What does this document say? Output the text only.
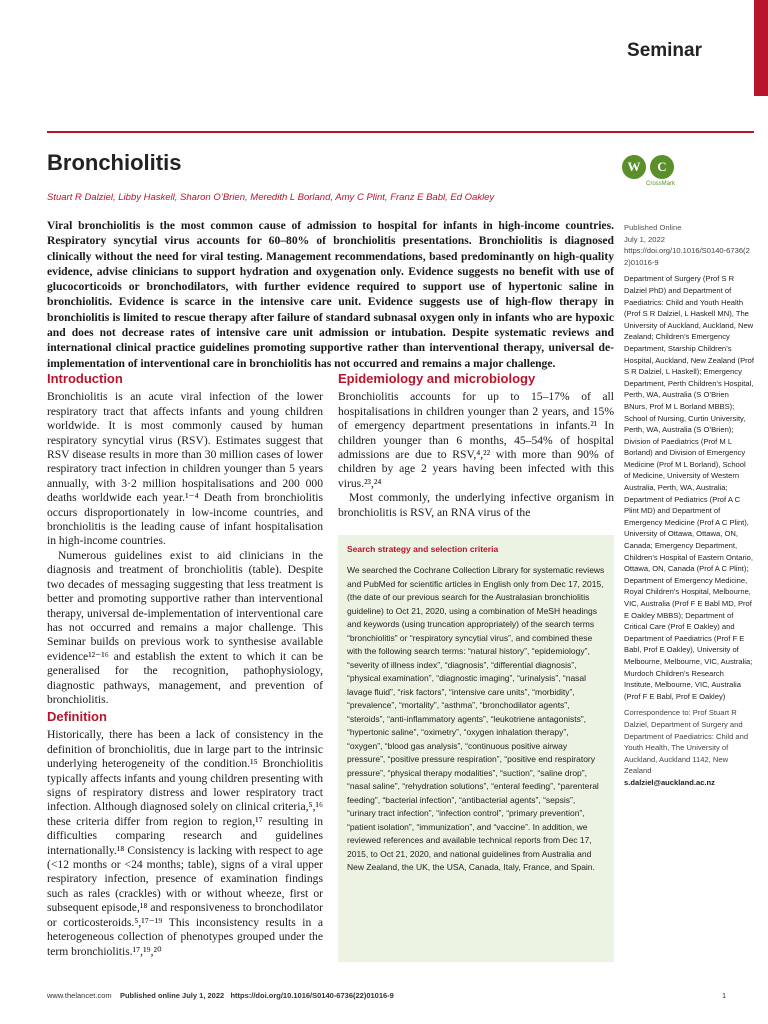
Seminar
Bronchiolitis	W	C
CrossMark
Stuart R Dalziel, Libby Haskell, Sharon O’Brien, Meredith L Borland, Amy C Plint, Franz E Babl, Ed Oakley
Viral bronchiolitis is the most common cause of admission to hospital for infants in high-income countries. Respiratory syncytial virus accounts for 60–80% of bronchiolitis presentations. Bronchiolitis is diagnosed clinically without the need for viral testing. Management recommendations, based predominantly on high-quality evidence, advise clinicians to support hydration and oxygenation only. Evidence suggests no benefit with use of glucocorticoids or bronchodilators, with further evidence required to support use of hypertonic saline in bronchiolitis. Evidence is scarce in the intensive care unit. Evidence suggests use of high-flow therapy in bronchiolitis is limited to rescue therapy after failure of standard subnasal oxygen only in infants who are hypoxic and does not decrease rates of intensive care unit admission or intubation. Despite systematic reviews and international clinical practice guidelines promoting supportive rather than interventional therapy, universal de-implementation of interventional care in bronchiolitis has not occurred and remains a major challenge.
Introduction

Bronchiolitis is an acute viral infection of the lower respiratory tract that affects infants and young children worldwide. It is most commonly caused by human respiratory syncytial virus (RSV). Estimates suggest that RSV disease results in more than 30 million cases of lower respiratory tract infection in children younger than 5 years annually, with 3·2 million hospitalisations and 200 000 deaths worldwide each year.¹⁻⁴ Death from bronchiolitis occurs disproportionately in low-income countries, and bronchiolitis is the leading cause of infant hospitalisation in high-income countries.

Numerous guidelines exist to aid clinicians in the diagnosis and treatment of bronchiolitis (table). Despite two decades of messaging suggesting that less treatment is better and promoting supportive rather than interventional therapy, universal de-implementation of interventional care has not occurred and remains a major challenge. This Seminar builds on previous work to synthesise available evidence¹²⁻¹⁶ and establish the extent to which it can be generalised for the recognition, pathophysiology, diagnostic pathways, management, and prevention of bronchiolitis.

Definition

Historically, there has been a lack of consistency in the definition of bronchiolitis, due in large part to the intrinsic underlying heterogeneity of the condition.¹⁵ Bronchiolitis typically affects infants and young children presenting with signs of respiratory distress and lower respiratory tract infection. Although diagnosed solely on clinical criteria,⁵,¹⁶ these criteria differ from region to region,¹⁷ resulting in difficulties comparing research and guidelines internationally.¹⁸ Consistency is lacking with respect to age (<12 months or <24 months; table), signs of a viral upper respiratory infection, presence of examination findings such as rales (crackles) with or without wheeze, first or subsequent episode,¹⁸ and responsiveness to bronchodilator or corticosteroids.⁵,¹⁷⁻¹⁹ This inconsistency results in a heterogeneous collection of phenotypes grouped under the term bronchiolitis.¹⁷,¹⁹,²⁰

Epidemiology and microbiology

Bronchiolitis accounts for up to 15–17% of all hospitalisations in children younger than 2 years, and 15% of emergency department presentations in infants.²¹ In children younger than 6 months, 45–54% of hospital admissions are due to RSV,⁴,²² with more than 90% of children by age 2 years having been infected with this virus.²³,²⁴

Most commonly, the underlying infective organism in bronchiolitis is RSV, an RNA virus of the

Search strategy and selection criteria
We searched the Cochrane Collection Library for systematic reviews and PubMed for scientific articles in English only from Dec 17, 2015, (the date of our previous search for the Australasian bronchiolitis guideline) to Oct 21, 2020, using a combination of MeSH headings and keywords (using truncation appropriately) of the search terms “bronchiolitis” or “respiratory syncytial virus”, and combined these with the following search terms: “natural history”, “epidemiology”, “severity of illness index”, “diagnosis”, “differential diagnosis”, “physical examination”, “diagnostic imaging”, “urinalysis”, “nasal lavage fluid”, “risk factors”, “intensive care units”, “morbidity”, “prevalence”, “mortality”, “asthma”, “bronchodilator agents”, “steroids”, “anti-inflammatory agents”, “leukotriene antagonists”, “hypertonic saline”, “oximetry”, “oxygen inhalation therapy”, “oxygen”, “blood gas analysis”, “continuous positive airway pressure”, “positive pressure respiration”, “positive end respiratory pressure”, “physical therapy modalities”, “suction”, “saline drop”, “nasal saline”, “rehydration solutions”, “enteral feeding”, “parenteral feeding”, “bacterial infection”, “antibacterial agents”, “sepsis”, “urinary tract infection”, “infection control”, “primary prevention”, “patient isolation”, “immunization”, and “vaccine”. In addition, we reviewed references and available technical reports from Dec 17, 2015, to Oct 21, 2020, and national guidelines from Australia and New Zealand, the UK, the USA, Canada, Italy, France, and Spain.

Published Online
July 1, 2022
https://doi.org/10.1016/S0140-6736(22)01016-9

Department of Surgery (Prof S R Dalziel PhD) and Department of Paediatrics: Child and Youth Health (Prof S R Dalziel, L Haskell MN), The University of Auckland, Auckland, New Zealand; Children’s Emergency Department, Starship Children’s Hospital, Auckland, New Zealand (Prof S R Dalziel, L Haskell); Emergency Department, Perth Children’s Hospital, Perth, WA, Australia (S O’Brien BNurs, Prof M L Borland MBBS); School of Nursing, Curtin University, Perth, WA, Australia (S O’Brien); Division of Paediatrics (Prof M L Borland) and Division of Emergency Medicine (Prof M L Borland), School of Medicine, University of Western Australia, Perth, WA, Australia; Department of Pediatrics (Prof A C Plint MD) and Department of Emergency Medicine (Prof A C Plint), University of Ottawa, Ottawa, ON, Canada; Emergency Department, Children’s Hospital of Eastern Ontario, Ottawa, ON, Canada (Prof A C Plint); Department of Emergency Medicine, Royal Children’s Hospital, Melbourne, VIC, Australia (Prof F E Babl MD, Prof E Oakley MBBS); Department of Critical Care (Prof E Oakley) and Department of Paediatrics (Prof F E Babl, Prof E Oakley), University of Melbourne, Melbourne, VIC, Australia; Murdoch Children’s Research Institute, Melbourne, VIC, Australia (Prof F E Babl, Prof E Oakley)

Correspondence to: Prof Stuart R Dalziel, Department of Surgery and Department of Paediatrics: Child and Youth Health, The University of Auckland, Auckland 1142, New Zealand
s.dalziel@auckland.ac.nz

www.thelancet.com Published online July 1, 2022 https://doi.org/10.1016/S0140-6736(22)01016-9	1
